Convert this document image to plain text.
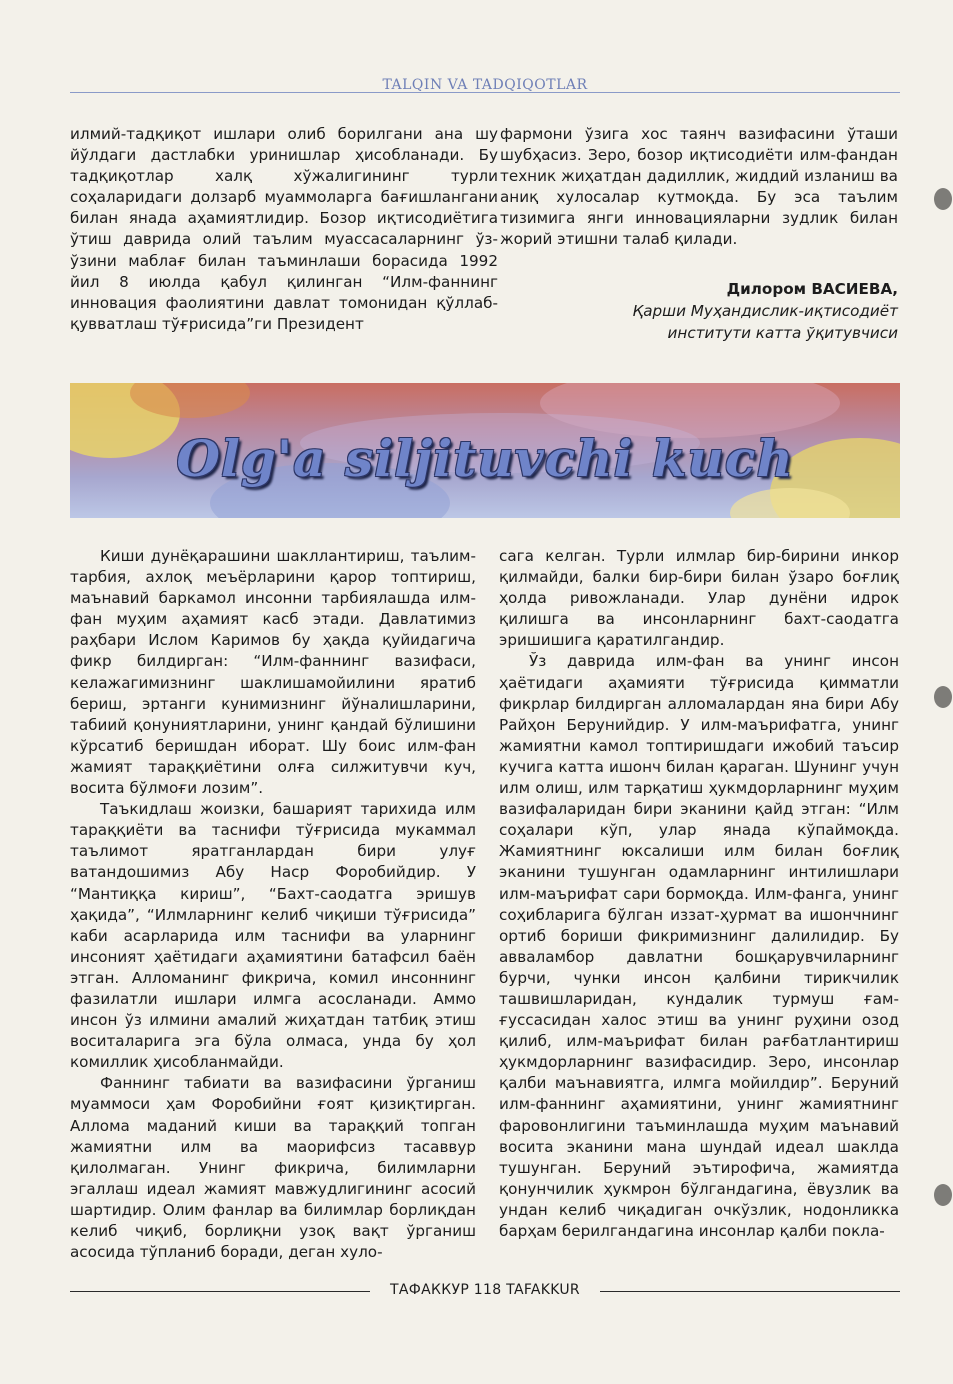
TALQIN VA TADQIQOTLAR

илмий-тадқиқот ишлари олиб борилгани ана шу йўлдаги дастлабки уринишлар ҳисобланади. Бу тадқиқотлар халқ хўжалигининг турли соҳаларидаги долзарб муаммоларга бағишлангани билан янада аҳамиятлидир. Бозор иқтисодиётига ўтиш даврида олий таълим муассасаларнинг ўз-ўзини маблағ билан таъминлаши борасида 1992 йил 8 июлда қабул қилинган “Илм-фаннинг инновация фаолиятини давлат томонидан қўллаб-қувватлаш тўғрисида”ги Президент

фармони ўзига хос таянч вазифасини ўташи шубҳасиз. Зеро, бозор иқтисодиёти илм-фандан техник жиҳатдан дадиллик, жиддий изланиш ва аниқ хулосалар кутмоқда. Бу эса таълим тизимига янги инновацияларни зудлик билан жорий этишни талаб қилади.

Дилором ВАСИЕВА,
Қарши Муҳандислик-иқтисодиёт
институти катта ўқитувчиси
Olg'a siljituvchi kuch

Киши дунёқарашини шакллантириш, таълим-тарбия, ахлоқ меъёрларини қарор топтириш, маънавий баркамол инсонни тарбиялашда илм-фан муҳим аҳамият касб этади. Давлатимиз раҳбари Ислом Каримов бу ҳақда қуйидагича фикр билдирган: “Илм-фаннинг вазифаси, келажагимизнинг шаклишамойилини яратиб бериш, эртанги кунимизнинг йўналишларини, табиий қонуниятларини, унинг қандай бўлишини кўрсатиб беришдан иборат. Шу боис илм-фан жамият тараққиётини олға силжитувчи куч, восита бўлмоғи лозим”.

Таъкидлаш жоизки, башарият тарихида илм тараққиёти ва таснифи тўғрисида мукаммал таълимот яратганлардан бири улуғ ватандошимиз Абу Наср Форобийдир. У “Мантиққа кириш”, “Бахт-саодатга эришув ҳақида”, “Илмларнинг келиб чиқиши тўғрисида” каби асарларида илм таснифи ва уларнинг инсоният ҳаётидаги аҳамиятини батафсил баён этган. Алломанинг фикрича, комил инсоннинг фазилатли ишлари илмга асосланади. Аммо инсон ўз илмини амалий жиҳатдан татбиқ этиш воситаларига эга бўла олмаса, унда бу ҳол комиллик ҳисобланмайди.

Фаннинг табиати ва вазифасини ўрганиш муаммоси ҳам Форобийни ғоят қизиқтирган. Аллома маданий киши ва тараққий топган жамиятни илм ва маорифсиз тасаввур қилолмаган. Унинг фикрича, билимларни эгаллаш идеал жамият мавжудлигининг асосий шартидир. Олим фанлар ва билимлар борлиқдан келиб чиқиб, борлиқни узоқ вақт ўрганиш асосида тўпланиб боради, деган хуло-

сага келган. Турли илмлар бир-бирини инкор қилмайди, балки бир-бири билан ўзаро боғлиқ ҳолда ривожланади. Улар дунёни идрок қилишга ва инсонларнинг бахт-саодатга эришишига қаратилгандир.

Ўз даврида илм-фан ва унинг инсон ҳаётидаги аҳамияти тўғрисида қимматли фикрлар билдирган алломалардан яна бири Абу Райҳон Берунийдир. У илм-маърифатга, унинг жамиятни камол топтиришдаги ижобий таъсир кучига катта ишонч билан қараган. Шунинг учун илм олиш, илм тарқатиш ҳукмдорларнинг муҳим вазифаларидан бири эканини қайд этган: “Илм соҳалари кўп, улар янада кўпаймоқда. Жамиятнинг юксалиши илм билан боғлиқ эканини тушунган одамларнинг интилишлари илм-маърифат сари бормоқда. Илм-фанга, унинг соҳибларига бўлган иззат-ҳурмат ва ишончнинг ортиб бориши фикримизнинг далилидир. Бу авваламбор давлатни бошқарувчиларнинг бурчи, чунки инсон қалбини тирикчилик ташвишларидан, кундалик турмуш ғам-ғуссасидан халос этиш ва унинг руҳини озод қилиб, илм-маърифат билан рағбатлантириш ҳукмдорларнинг вазифасидир. Зеро, инсонлар қалби маънавиятга, илмга мойилдир”. Беруний илм-фаннинг аҳамиятини, унинг жамиятнинг фаровонлигини таъминлашда муҳим маънавий восита эканини мана шундай идеал шаклда тушунган. Беруний эътирофича, жамиятда қонунчилик ҳукмрон бўлгандагина, ёвузлик ва ундан келиб чиқадиган очкўзлик, нодонликка барҳам берилгандагина инсонлар қалби покла-

ТАФАККУР 118 TAFAKKUR
